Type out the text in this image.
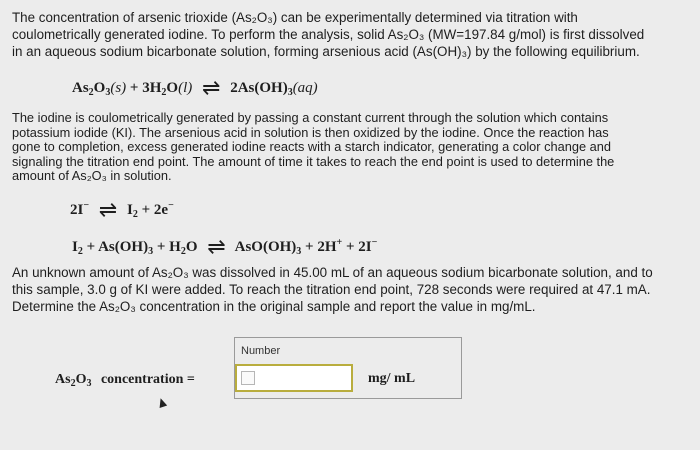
The concentration of arsenic trioxide (As₂O₃) can be experimentally determined via titration with
coulometrically generated iodine. To perform the analysis, solid As₂O₃ (MW=197.84 g/mol) is first dissolved
in an aqueous sodium bicarbonate solution, forming arsenious acid (As(OH)₃) by the following equilibrium.
$As_2O_3(s) + 3H_2O(l)$ ⇌ $2As(OH)_3(aq)$
The iodine is coulometrically generated by passing a constant current through the solution which contains
potassium iodide (KI). The arsenious acid in solution is then oxidized by the iodine. Once the reaction has
gone to completion, excess generated iodine reacts with a starch indicator, generating a color change and
signaling the titration end point. The amount of time it takes to reach the end point is used to determine the
amount of As₂O₃ in solution.
2I− ⇌ $I_2 + 2e^-$
$I_2 + As(OH)_3 + H_2O$ ⇌ $AsO(OH)_3 + 2H^+ + 2I^-$
An unknown amount of As₂O₃ was dissolved in 45.00 mL of an aqueous sodium bicarbonate solution, and to
this sample, 3.0 g of KI were added. To reach the titration end point, 728 seconds were required at 47.1 mA.
Determine the As₂O₃ concentration in the original sample and report the value in mg/mL.
$As_2O_3$ concentration =
Number
mg/ mL
